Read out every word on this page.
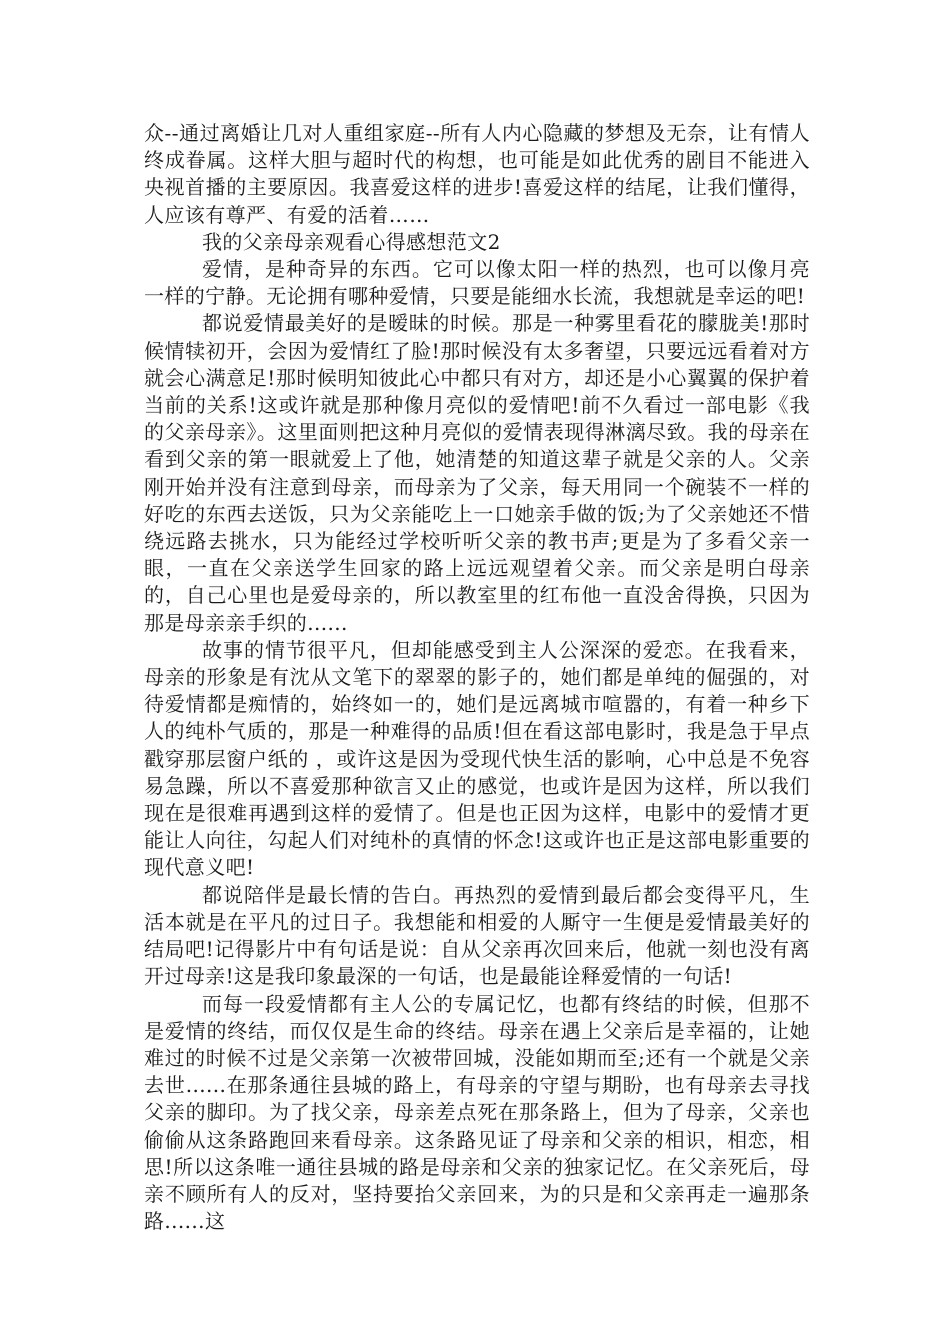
众--通过离婚让几对人重组家庭--所有人内心隐藏的梦想及无奈，让有情人终成眷属。这样大胆与超时代的构想，也可能是如此优秀的剧目不能进入央视首播的主要原因。我喜爱这样的进步!喜爱这样的结尾，让我们懂得，人应该有尊严、有爱的活着……

我的父亲母亲观看心得感想范文2

爱情，是种奇异的东西。它可以像太阳一样的热烈，也可以像月亮一样的宁静。无论拥有哪种爱情，只要是能细水长流，我想就是幸运的吧!

都说爱情最美好的是暧昧的时候。那是一种雾里看花的朦胧美!那时候情犊初开，会因为爱情红了脸!那时候没有太多奢望，只要远远看着对方就会心满意足!那时候明知彼此心中都只有对方，却还是小心翼翼的保护着当前的关系!这或许就是那种像月亮似的爱情吧!前不久看过一部电影《我的父亲母亲》。这里面则把这种月亮似的爱情表现得淋漓尽致。我的母亲在看到父亲的第一眼就爱上了他，她清楚的知道这辈子就是父亲的人。父亲刚开始并没有注意到母亲，而母亲为了父亲，每天用同一个碗装不一样的好吃的东西去送饭，只为父亲能吃上一口她亲手做的饭;为了父亲她还不惜绕远路去挑水，只为能经过学校听听父亲的教书声;更是为了多看父亲一眼，一直在父亲送学生回家的路上远远观望着父亲。而父亲是明白母亲的，自己心里也是爱母亲的，所以教室里的红布他一直没舍得换，只因为那是母亲亲手织的......

故事的情节很平凡，但却能感受到主人公深深的爱恋。在我看来，母亲的形象是有沈从文笔下的翠翠的影子的，她们都是单纯的倔强的，对待爱情都是痴情的，始终如一的，她们是远离城市喧嚣的，有着一种乡下人的纯朴气质的，那是一种难得的品质!但在看这部电影时，我是急于早点戳穿那层窗户纸的 ，或许这是因为受现代快生活的影响，心中总是不免容易急躁，所以不喜爱那种欲言又止的感觉，也或许是因为这样，所以我们现在是很难再遇到这样的爱情了。但是也正因为这样，电影中的爱情才更能让人向往，勾起人们对纯朴的真情的怀念!这或许也正是这部电影重要的现代意义吧!

都说陪伴是最长情的告白。再热烈的爱情到最后都会变得平凡，生活本就是在平凡的过日子。我想能和相爱的人厮守一生便是爱情最美好的结局吧!记得影片中有句话是说：自从父亲再次回来后，他就一刻也没有离开过母亲!这是我印象最深的一句话，也是最能诠释爱情的一句话!

而每一段爱情都有主人公的专属记忆，也都有终结的时候，但那不是爱情的终结，而仅仅是生命的终结。母亲在遇上父亲后是幸福的，让她难过的时候不过是父亲第一次被带回城，没能如期而至;还有一个就是父亲去世......在那条通往县城的路上，有母亲的守望与期盼，也有母亲去寻找父亲的脚印。为了找父亲，母亲差点死在那条路上，但为了母亲，父亲也偷偷从这条路跑回来看母亲。这条路见证了母亲和父亲的相识，相恋，相思!所以这条唯一通往县城的路是母亲和父亲的独家记忆。在父亲死后，母亲不顾所有人的反对，坚持要抬父亲回来，为的只是和父亲再走一遍那条路......这
